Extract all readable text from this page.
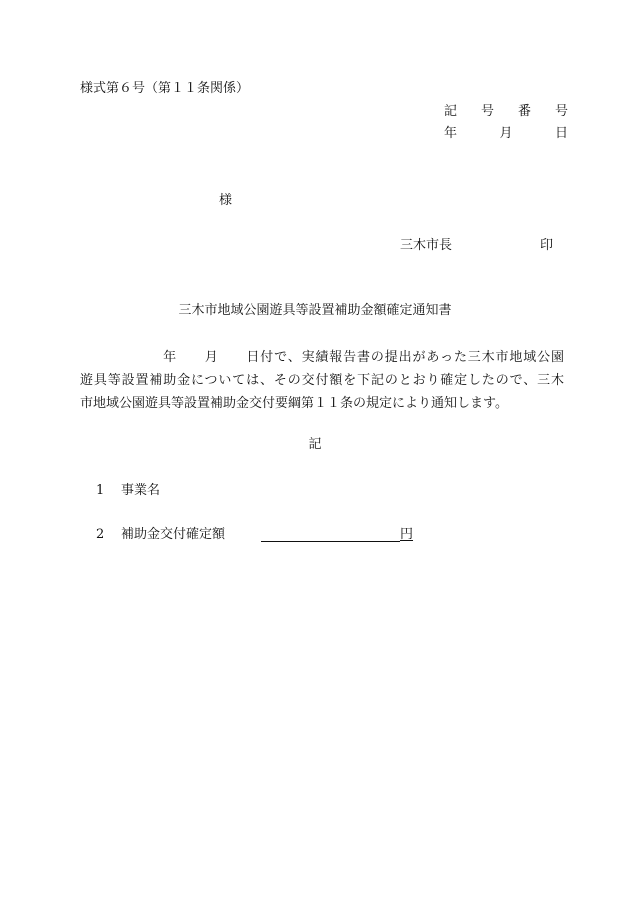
様式第６号（第１１条関係）
記 号 番 号
年	月	日
様
三木市長	印
三木市地域公園遊具等設置補助金額確定通知書
　　　　　　年　　月　　日付で、実績報告書の提出があった三木市地域公園
遊具等設置補助金については、その交付額を下記のとおり確定したので、三木
市地域公園遊具等設置補助金交付要綱第１１条の規定により通知します。
記
1 事業名
2 補助金交付確定額	円
